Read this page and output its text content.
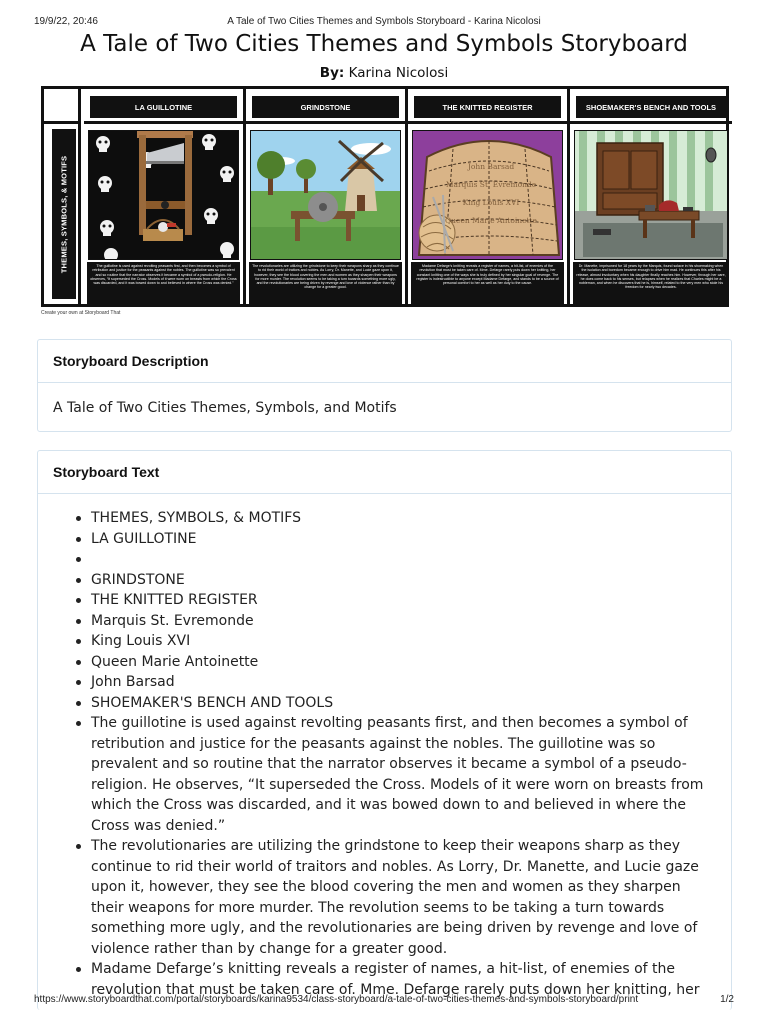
19/9/22, 20:46	A Tale of Two Cities Themes and Symbols Storyboard - Karina Nicolosi
A Tale of Two Cities Themes and Symbols Storyboard
By: Karina Nicolosi
THEMES, SYMBOLS, & MOTIFS
LA GUILLOTINE
The guillotine is used against revolting peasants first, and then becomes a symbol of retribution and justice for the peasants against the nobles. The guillotine was so prevalent and so routine that the narrator observes it became a symbol of a pseudo-religion. He observes, “It superseded the Cross. Models of it were worn on breasts from which the Cross was discarded, and it was bowed down to and believed in where the Cross was denied.”
GRINDSTONE
The revolutionaries are utilizing the grindstone to keep their weapons sharp as they continue to rid their world of traitors and nobles. As Lorry, Dr. Manette, and Lucie gaze upon it, however, they see the blood covering the men and women as they sharpen their weapons for more murder. The revolution seems to be taking a turn towards something more ugly, and the revolutionaries are being driven by revenge and love of violence rather than by change for a greater good.
THE KNITTED REGISTER
John Barsad
Marquis St. Evremonde
King Louis XVI
Queen Marie Antoinette
Madame Defarge’s knitting reveals a register of names, a hit-list, of enemies of the revolution that must be taken care of. Mme. Defarge rarely puts down her knitting, her constant knitting one of the ways she is truly defined by her singular goal of revenge. The register is indestructible to anyone except Madame Defarge, and stands to be a source of personal comfort to her as well as her duty to the cause.
SHOEMAKER'S BENCH AND TOOLS
Dr. Manette, imprisoned for 18 years by the Marquis, found solace in his shoemaking when the isolation and boredom became enough to drive him mad. He continues this after his release, almost involuntary when his daughter finally reaches him. However, through her care, he does come back to his senses, but relapses when he realizes that Charles might be a nobleman, and when he discovers that he is, himself, related to the very men who stole his freedom for nearly two decades.
Create your own at Storyboard That
Storyboard Description
A Tale of Two Cities Themes, Symbols, and Motifs
Storyboard Text
THEMES, SYMBOLS, & MOTIFS
LA GUILLOTINE
GRINDSTONE
THE KNITTED REGISTER
Marquis St. Evremonde
King Louis XVI
Queen Marie Antoinette
John Barsad
SHOEMAKER'S BENCH AND TOOLS
The guillotine is used against revolting peasants first, and then becomes a symbol of retribution and justice for the peasants against the nobles. The guillotine was so prevalent and so routine that the narrator observes it became a symbol of a pseudo-religion. He observes, “It superseded the Cross. Models of it were worn on breasts from which the Cross was discarded, and it was bowed down to and believed in where the Cross was denied.”
The revolutionaries are utilizing the grindstone to keep their weapons sharp as they continue to rid their world of traitors and nobles. As Lorry, Dr. Manette, and Lucie gaze upon it, however, they see the blood covering the men and women as they sharpen their weapons for more murder. The revolution seems to be taking a turn towards something more ugly, and the revolutionaries are being driven by revenge and love of violence rather than by change for a greater good.
Madame Defarge’s knitting reveals a register of names, a hit-list, of enemies of the revolution that must be taken care of. Mme. Defarge rarely puts down her knitting, her
https://www.storyboardthat.com/portal/storyboards/karina9534/class-storyboard/a-tale-of-two-cities-themes-and-symbols-storyboard/print	1/2
